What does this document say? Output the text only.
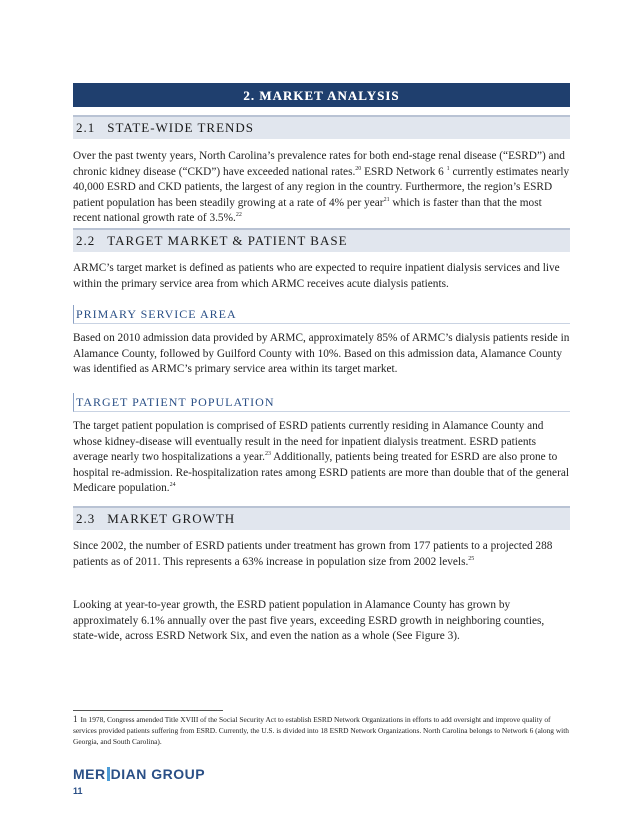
2. MARKET ANALYSIS
2.1 STATE-WIDE TRENDS
Over the past twenty years, North Carolina’s prevalence rates for both end-stage renal disease (“ESRD”) and chronic kidney disease (“CKD”) have exceeded national rates.$^{20}$ ESRD Network 6 $^1$ currently estimates nearly 40,000 ESRD and CKD patients, the largest of any region in the country. Furthermore, the region’s ESRD patient population has been steadily growing at a rate of 4% per year$^{21}$ which is faster than that the most recent national growth rate of 3.5%.$^{22}$
2.2 TARGET MARKET & PATIENT BASE
ARMC’s target market is defined as patients who are expected to require inpatient dialysis services and live within the primary service area from which ARMC receives acute dialysis patients.
PRIMARY SERVICE AREA
Based on 2010 admission data provided by ARMC, approximately 85% of ARMC’s dialysis patients reside in Alamance County, followed by Guilford County with 10%. Based on this admission data, Alamance County was identified as ARMC’s primary service area within its target market.
TARGET PATIENT POPULATION
The target patient population is comprised of ESRD patients currently residing in Alamance County and whose kidney-disease will eventually result in the need for inpatient dialysis treatment. ESRD patients average nearly two hospitalizations a year.$^{23}$ Additionally, patients being treated for ESRD are also prone to hospital re-admission. Re-hospitalization rates among ESRD patients are more than double that of the general Medicare population.$^{24}$
2.3 MARKET GROWTH
Since 2002, the number of ESRD patients under treatment has grown from 177 patients to a projected 288 patients as of 2011. This represents a 63% increase in population size from 2002 levels.$^{25}$
Looking at year-to-year growth, the ESRD patient population in Alamance County has grown by approximately 6.1% annually over the past five years, exceeding ESRD growth in neighboring counties, state-wide, across ESRD Network Six, and even the nation as a whole (See Figure 3).
1 In 1978, Congress amended Title XVIII of the Social Security Act to establish ESRD Network Organizations in efforts to add oversight and improve quality of services provided patients suffering from ESRD. Currently, the U.S. is divided into 18 ESRD Network Organizations. North Carolina belongs to Network 6 (along with Georgia, and South Carolina).
MER DIAN GROUP
11
